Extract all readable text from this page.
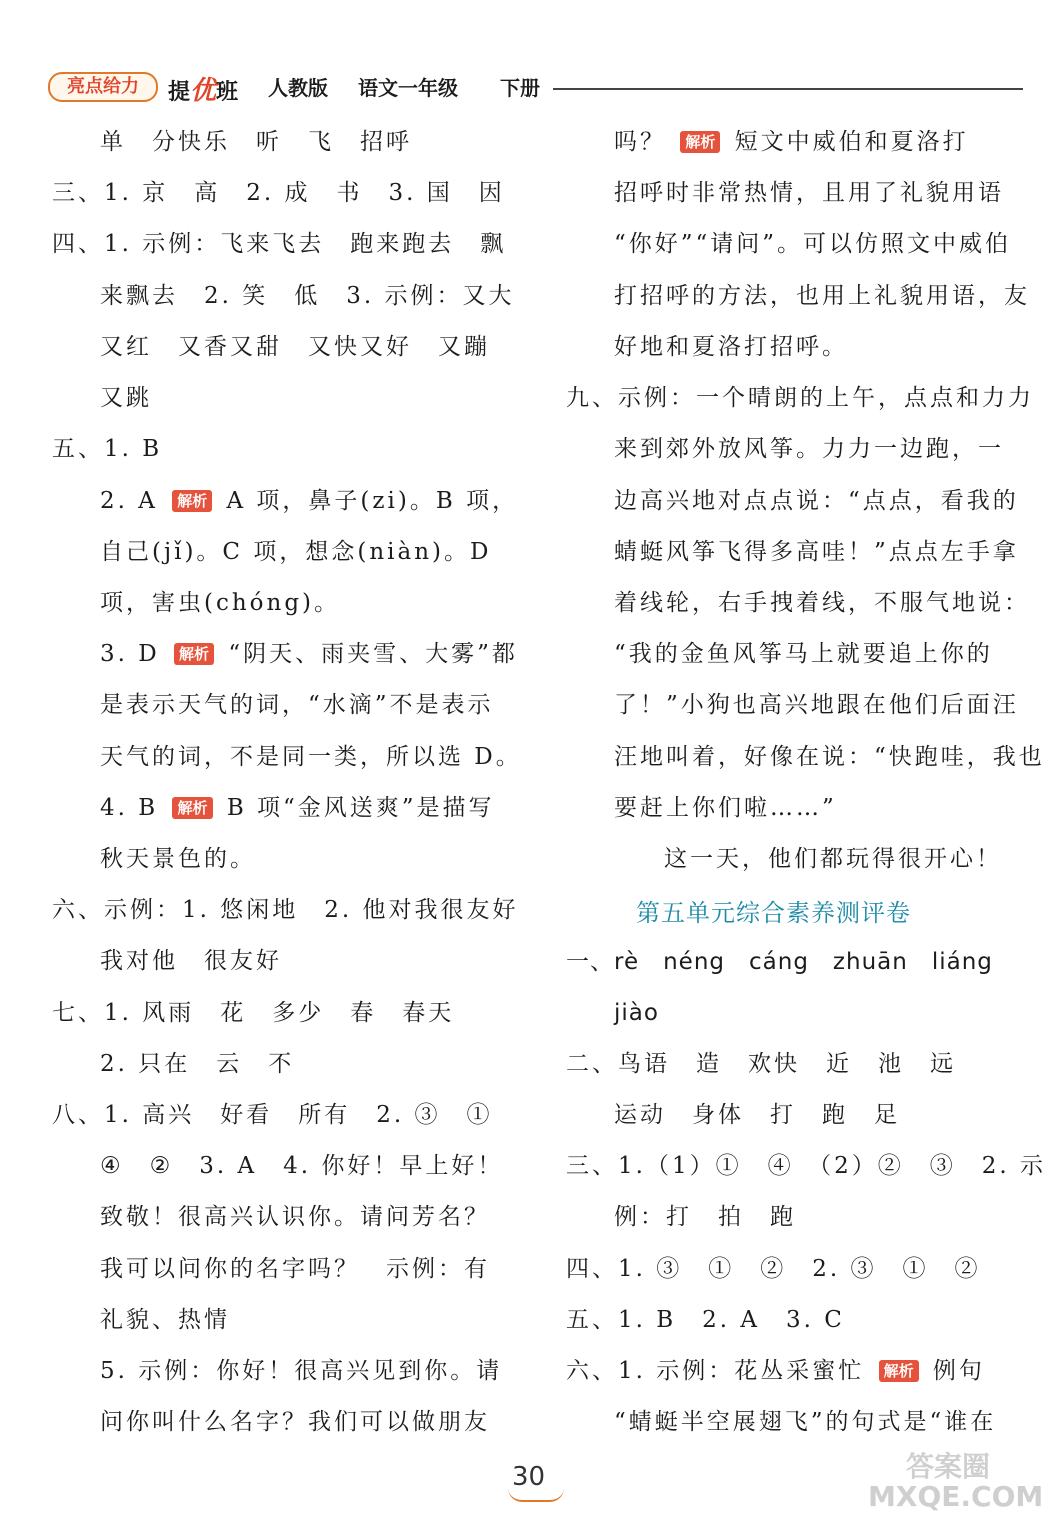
亮点给力	提优班 人教版 语文一年级 下册
单　分快乐　听　飞　招呼
三、1. 京　高　2. 成　书　3. 国　因
四、1. 示例：飞来飞去　跑来跑去　飘
来飘去　2. 笑　低　3. 示例：又大
又红　又香又甜　又快又好　又蹦
又跳
五、1. B
2. A 解析 A 项，鼻子(zi)。B 项，
自己(jǐ)。C 项，想念(niàn)。D
项，害虫(chóng)。
3. D 解析 “阴天、雨夹雪、大雾”都
是表示天气的词，“水滴”不是表示
天气的词，不是同一类，所以选 D。
4. B 解析 B 项“金风送爽”是描写
秋天景色的。
六、示例：1. 悠闲地　2. 他对我很友好
我对他　很友好
七、1. 风雨　花　多少　春　春天
2. 只在　云　不
八、1. 高兴　好看　所有　2. ③　①
④　②　3. A　4. 你好！早上好！
致敬！很高兴认识你。请问芳名？
我可以问你的名字吗？　示例：有
礼貌、热情
5. 示例：你好！很高兴见到你。请
问你叫什么名字？我们可以做朋友
吗？ 解析 短文中威伯和夏洛打
招呼时非常热情，且用了礼貌用语
“你好”“请问”。可以仿照文中威伯
打招呼的方法，也用上礼貌用语，友
好地和夏洛打招呼。
九、示例：一个晴朗的上午，点点和力力
来到郊外放风筝。力力一边跑，一
边高兴地对点点说：“点点，看我的
蜻蜓风筝飞得多高哇！”点点左手拿
着线轮，右手拽着线，不服气地说：
“我的金鱼风筝马上就要追上你的
了！”小狗也高兴地跟在他们后面汪
汪地叫着，好像在说：“快跑哇，我也
要赶上你们啦……”
这一天，他们都玩得很开心！
第五单元综合素养测评卷
一、rè　néng　cáng　zhuān　liáng
jiào
二、鸟语　造　欢快　近　池　远
运动　身体　打　跑　足
三、1.（1）①　④　（2）②　③　2. 示
例：打　拍　跑
四、1. ③　①　②　2. ③　①　②
五、1. B　2. A　3. C
六、1. 示例：花丛采蜜忙 解析 例句
“蜻蜓半空展翅飞”的句式是“谁在
30	答案圈 MXQE.COM
